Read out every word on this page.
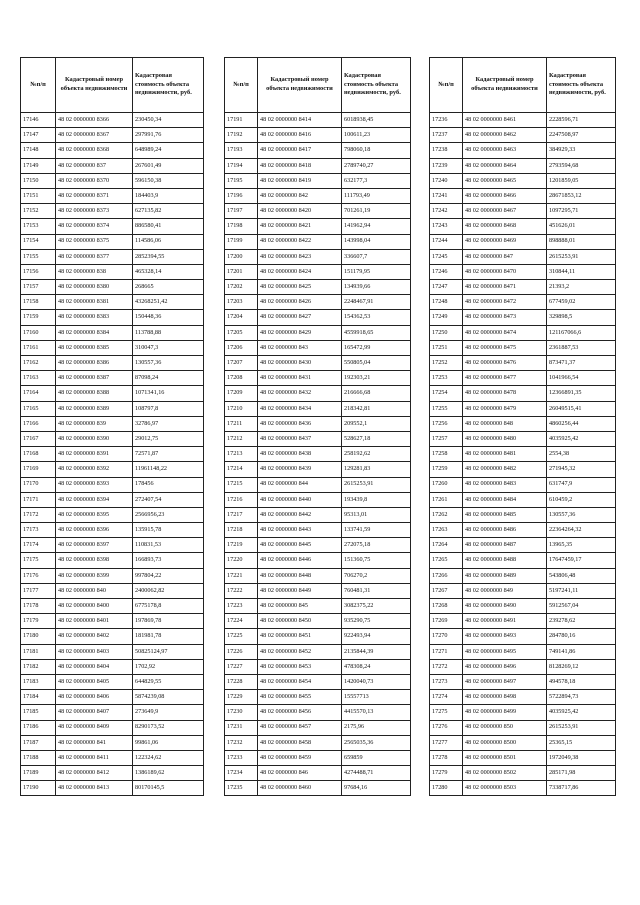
№п/п	Кадастровый номер объекта недвижимости	Кадастровая стоимость объекта недвижимости, руб.
17146	48 02 0000000 8366	230450,34
17147	48 02 0000000 8367	297991,76
17148	48 02 0000000 8368	648989,24
17149	48 02 0000000 837	267601,49
17150	48 02 0000000 8370	596150,38
17151	48 02 0000000 8371	184403,9
17152	48 02 0000000 8373	627135,82
17153	48 02 0000000 8374	886580,41
17154	48 02 0000000 8375	114586,06
17155	48 02 0000000 8377	2852394,55
17156	48 02 0000000 838	465328,14
17157	48 02 0000000 8380	268665
17158	48 02 0000000 8381	43268251,42
17159	48 02 0000000 8383	150448,36
17160	48 02 0000000 8384	113788,88
17161	48 02 0000000 8385	310047,3
17162	48 02 0000000 8386	130557,36
17163	48 02 0000000 8387	87098,24
17164	48 02 0000000 8388	1071341,16
17165	48 02 0000000 8389	108797,8
17166	48 02 0000000 839	32786,97
17167	48 02 0000000 8390	29012,75
17168	48 02 0000000 8391	72571,87
17169	48 02 0000000 8392	11961148,22
17170	48 02 0000000 8393	178456
17171	48 02 0000000 8394	272407,54
17172	48 02 0000000 8395	2566956,23
17173	48 02 0000000 8396	135915,78
17174	48 02 0000000 8397	110831,53
17175	48 02 0000000 8398	166893,73
17176	48 02 0000000 8399	997804,22
17177	48 02 0000000 840	2400062,82
17178	48 02 0000000 8400	6775178,8
17179	48 02 0000000 8401	197869,78
17180	48 02 0000000 8402	181981,78
17181	48 02 0000000 8403	50825124,97
17182	48 02 0000000 8404	1702,92
17183	48 02 0000000 8405	644829,55
17184	48 02 0000000 8406	5874239,08
17185	48 02 0000000 8407	273649,9
17186	48 02 0000000 8409	8290173,52
17187	48 02 0000000 841	99861,06
17188	48 02 0000000 8411	122324,62
17189	48 02 0000000 8412	1386189,62
17190	48 02 0000000 8413	80170145,5
№п/п	Кадастровый номер объекта недвижимости	Кадастровая стоимость объекта недвижимости, руб.
17191	48 02 0000000 8414	6018938,45
17192	48 02 0000000 8416	100611,23
17193	48 02 0000000 8417	798060,18
17194	48 02 0000000 8418	2789740,27
17195	48 02 0000000 8419	632177,3
17196	48 02 0000000 842	111793,49
17197	48 02 0000000 8420	701261,19
17198	48 02 0000000 8421	141962,94
17199	48 02 0000000 8422	143998,04
17200	48 02 0000000 8423	336607,7
17201	48 02 0000000 8424	151179,95
17202	48 02 0000000 8425	134939,66
17203	48 02 0000000 8426	2248467,91
17204	48 02 0000000 8427	154362,53
17205	48 02 0000000 8429	4559918,65
17206	48 02 0000000 843	165472,99
17207	48 02 0000000 8430	550805,04
17208	48 02 0000000 8431	192303,21
17209	48 02 0000000 8432	216666,68
17210	48 02 0000000 8434	218342,81
17211	48 02 0000000 8436	209552,1
17212	48 02 0000000 8437	528627,18
17213	48 02 0000000 8438	258192,62
17214	48 02 0000000 8439	129281,83
17215	48 02 0000000 844	2615253,91
17216	48 02 0000000 8440	193439,8
17217	48 02 0000000 8442	95313,01
17218	48 02 0000000 8443	133741,59
17219	48 02 0000000 8445	272075,18
17220	48 02 0000000 8446	151360,75
17221	48 02 0000000 8448	706270,2
17222	48 02 0000000 8449	760481,31
17223	48 02 0000000 845	3082375,22
17224	48 02 0000000 8450	935290,75
17225	48 02 0000000 8451	922493,94
17226	48 02 0000000 8452	2135844,39
17227	48 02 0000000 8453	478308,24
17228	48 02 0000000 8454	1420040,73
17229	48 02 0000000 8455	15557713
17230	48 02 0000000 8456	4415570,13
17231	48 02 0000000 8457	2175,96
17232	48 02 0000000 8458	2565035,36
17233	48 02 0000000 8459	659859
17234	48 02 0000000 846	4274488,71
17235	48 02 0000000 8460	97684,16
№п/п	Кадастровый номер объекта недвижимости	Кадастровая стоимость объекта недвижимости, руб.
17236	48 02 0000000 8461	2228596,71
17237	48 02 0000000 8462	2247508,97
17238	48 02 0000000 8463	384929,33
17239	48 02 0000000 8464	2793594,68
17240	48 02 0000000 8465	1201859,05
17241	48 02 0000000 8466	28671853,12
17242	48 02 0000000 8467	1097295,71
17243	48 02 0000000 8468	451626,01
17244	48 02 0000000 8469	898888,01
17245	48 02 0000000 847	2615253,91
17246	48 02 0000000 8470	310844,11
17247	48 02 0000000 8471	21393,2
17248	48 02 0000000 8472	677459,02
17249	48 02 0000000 8473	329898,5
17250	48 02 0000000 8474	121167066,6
17251	48 02 0000000 8475	2361887,53
17252	48 02 0000000 8476	873471,37
17253	48 02 0000000 8477	1041966,54
17254	48 02 0000000 8478	12366891,35
17255	48 02 0000000 8479	26049515,41
17256	48 02 0000000 848	4860256,44
17257	48 02 0000000 8480	4035925,42
17258	48 02 0000000 8481	2554,38
17259	48 02 0000000 8482	271945,32
17260	48 02 0000000 8483	631747,9
17261	48 02 0000000 8484	610459,2
17262	48 02 0000000 8485	130557,36
17263	48 02 0000000 8486	22364264,32
17264	48 02 0000000 8487	13965,35
17265	48 02 0000000 8488	17647459,17
17266	48 02 0000000 8489	543806,48
17267	48 02 0000000 849	5197241,11
17268	48 02 0000000 8490	5912567,04
17269	48 02 0000000 8491	239278,62
17270	48 02 0000000 8493	284780,16
17271	48 02 0000000 8495	749141,86
17272	48 02 0000000 8496	8128269,12
17273	48 02 0000000 8497	494578,18
17274	48 02 0000000 8498	5722894,73
17275	48 02 0000000 8499	4035925,42
17276	48 02 0000000 850	2615253,91
17277	48 02 0000000 8500	25365,15
17278	48 02 0000000 8501	1972049,38
17279	48 02 0000000 8502	285171,98
17280	48 02 0000000 8503	7338717,86
